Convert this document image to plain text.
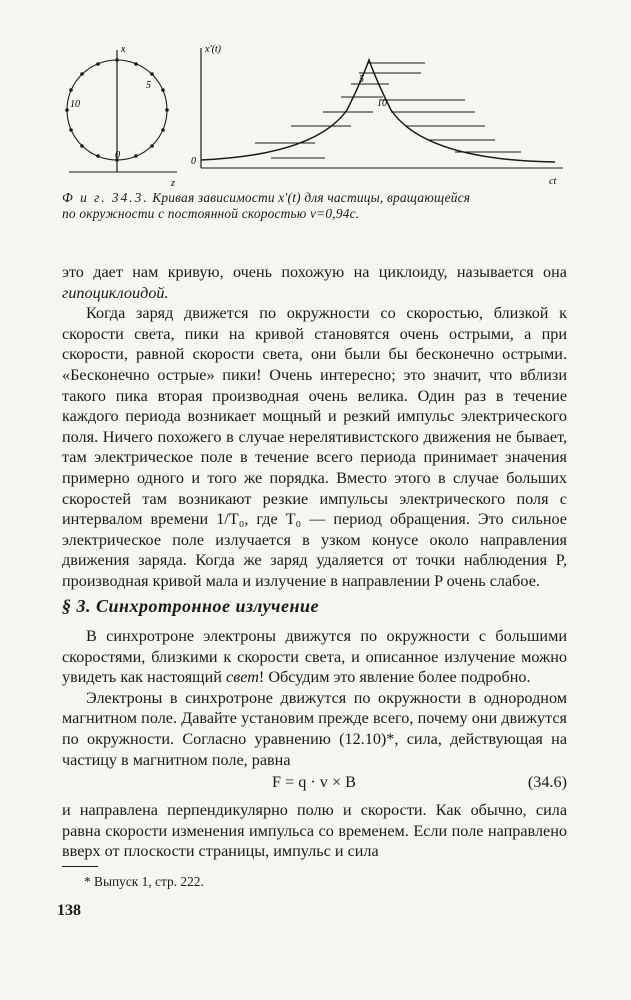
x
z
5
10
0
x'(t)
ct
0
5
10
Ф и г. 34.3. Кривая зависимости x′(t) для частицы, вращающейся по окружности с постоянной скоростью v=0,94c.

это дает нам кривую, очень похожую на циклоиду, называется она гипоциклоидой.

Когда заряд движется по окружности со скоростью, близкой к скорости света, пики на кривой становятся очень острыми, а при скорости, равной скорости света, они были бы бесконечно острыми. «Бесконечно острые» пики! Очень интересно; это значит, что вблизи такого пика вторая производная очень велика. Один раз в течение каждого периода возникает мощный и резкий импульс электрического поля. Ничего похожего в случае нерелятивистского движения не бывает, там электрическое поле в течение всего периода принимает значения примерно одного и того же порядка. Вместо этого в случае больших скоростей там возникают резкие импульсы электрического поля с интервалом времени 1/T₀, где T₀ — период обращения. Это сильное электрическое поле излучается в узком конусе около направления движения заряда. Когда же заряд удаляется от точки наблюдения P, производная кривой мала и излучение в направлении P очень слабое.

§ 3. Синхротронное излучение

В синхротроне электроны движутся по окружности с большими скоростями, близкими к скорости света, и описанное излучение можно увидеть как настоящий свет! Обсудим это явление более подробно.

Электроны в синхротроне движутся по окружности в однородном магнитном поле. Давайте установим прежде всего, почему они движутся по окружности. Согласно уравнению (12.10)*, сила, действующая на частицу в магнитном поле, равна

F = q · v × B	(34.6)

и направлена перпендикулярно полю и скорости. Как обычно, сила равна скорости изменения импульса со временем. Если поле направлено вверх от плоскости страницы, импульс и сила

* Выпуск 1, стр. 222.
138
